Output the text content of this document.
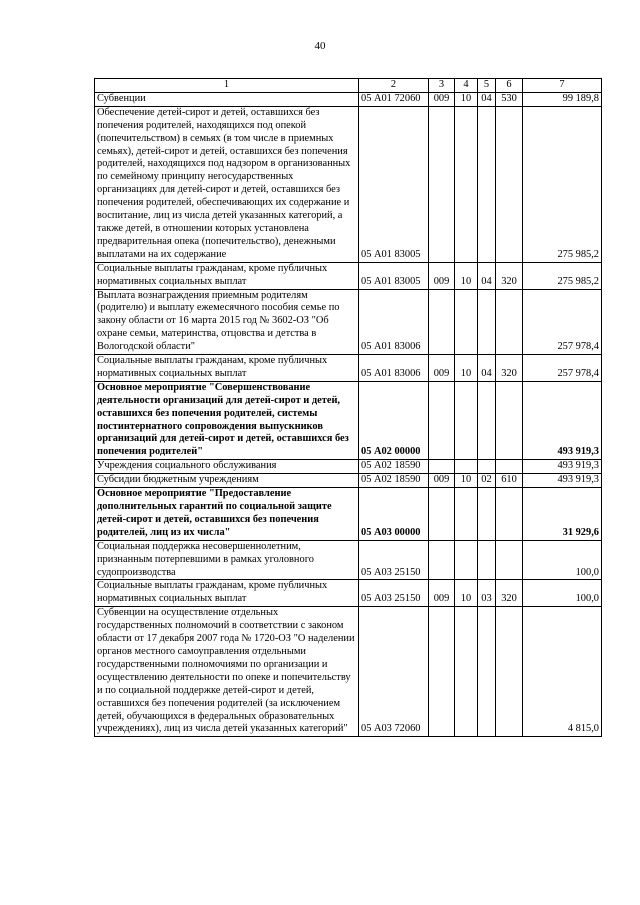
40
1	2	3	4	5	6	7
Субвенции	05 А01 72060	009	10	04	530	99 189,8
Обеспечение детей-сирот и детей, оставшихся без попечения родителей, находящихся под опекой (попечительством) в семьях (в том числе в приемных семьях), детей-сирот и детей, оставшихся без попечения родителей, находящихся под надзором в организованных по семейному принципу негосударственных организациях для детей-сирот и детей, оставшихся без попечения родителей, обеспечивающих их содержание и воспитание, лиц из числа детей указанных категорий, а также детей, в отношении которых установлена предварительная опека (попечительство), денежными выплатами на их содержание	05 А01 83005					275 985,2
Социальные выплаты гражданам, кроме публичных нормативных социальных выплат	05 А01 83005	009	10	04	320	275 985,2
Выплата вознаграждения приемным родителям (родителю) и выплату ежемесячного пособия семье по закону области от 16 марта 2015 год № 3602-ОЗ "Об охране семьи, материнства, отцовства и детства в Вологодской области"	05 А01 83006					257 978,4
Социальные выплаты гражданам, кроме публичных нормативных социальных выплат	05 А01 83006	009	10	04	320	257 978,4
Основное мероприятие "Совершенствование деятельности организаций для детей-сирот и детей, оставшихся без попечения родителей, системы постинтернатного сопровождения выпускников организаций для детей-сирот и детей, оставшихся без попечения родителей"	05 А02 00000					493 919,3
Учреждения социального обслуживания	05 А02 18590					493 919,3
Субсидии бюджетным учреждениям	05 А02 18590	009	10	02	610	493 919,3
Основное мероприятие "Предоставление дополнительных гарантий по социальной защите детей-сирот и детей, оставшихся без попечения родителей, лиц из их числа"	05 А03 00000					31 929,6
Социальная поддержка несовершеннолетним, признанным потерпевшими в рамках уголовного судопроизводства	05 А03 25150					100,0
Социальные выплаты гражданам, кроме публичных нормативных социальных выплат	05 А03 25150	009	10	03	320	100,0
Субвенции на осуществление отдельных государственных полномочий в соответствии с законом области от 17 декабря 2007 года № 1720-ОЗ "О наделении органов местного самоуправления отдельными государственными полномочиями по организации и осуществлению деятельности по опеке и попечительству и по социальной поддержке детей-сирот и детей, оставшихся без попечения родителей (за исключением детей, обучающихся в федеральных образовательных учреждениях), лиц из числа детей указанных категорий"	05 А03 72060					4 815,0
